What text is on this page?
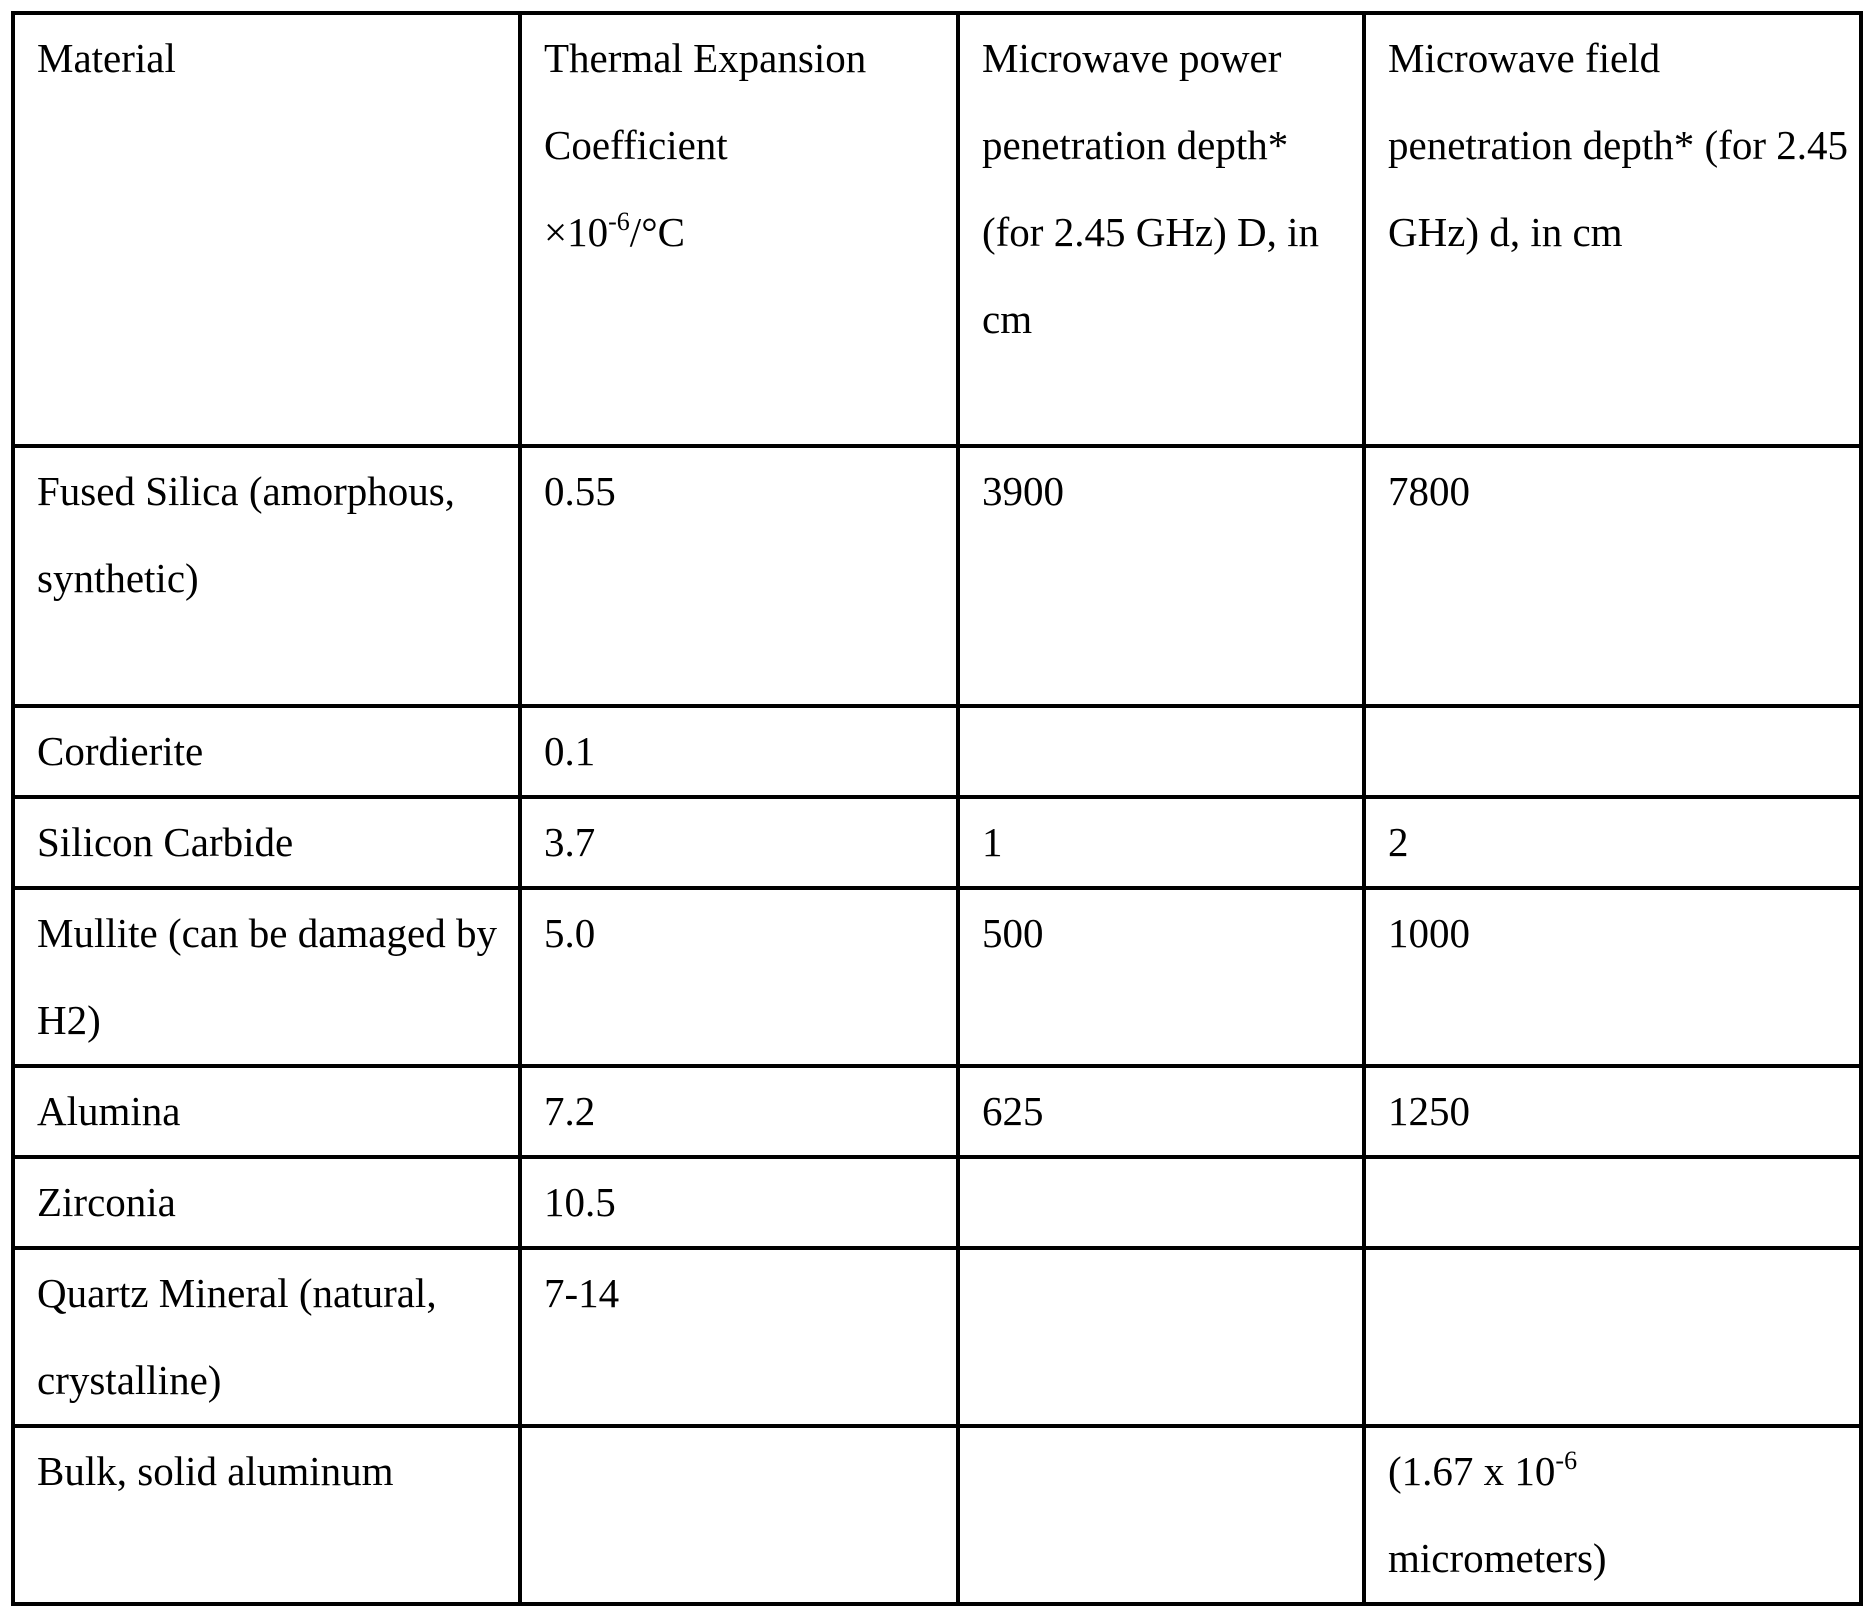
Material	Thermal Expansion
Coefficient
×10-6/°C
	Microwave power penetration depth* (for 2.45 GHz) D, in cm	Microwave field penetration depth* (for 2.45 GHz) d, in cm
Fused Silica (amorphous, synthetic)	0.55	3900	7800
Cordierite	0.1		
Silicon Carbide	3.7	1	2
Mullite (can be damaged by H2)	5.0	500	1000
Alumina	7.2	625	1250
Zirconia	10.5		
Quartz Mineral (natural, crystalline)	7-14		
Bulk, solid aluminum			(1.67 x 10-6
micrometers)
